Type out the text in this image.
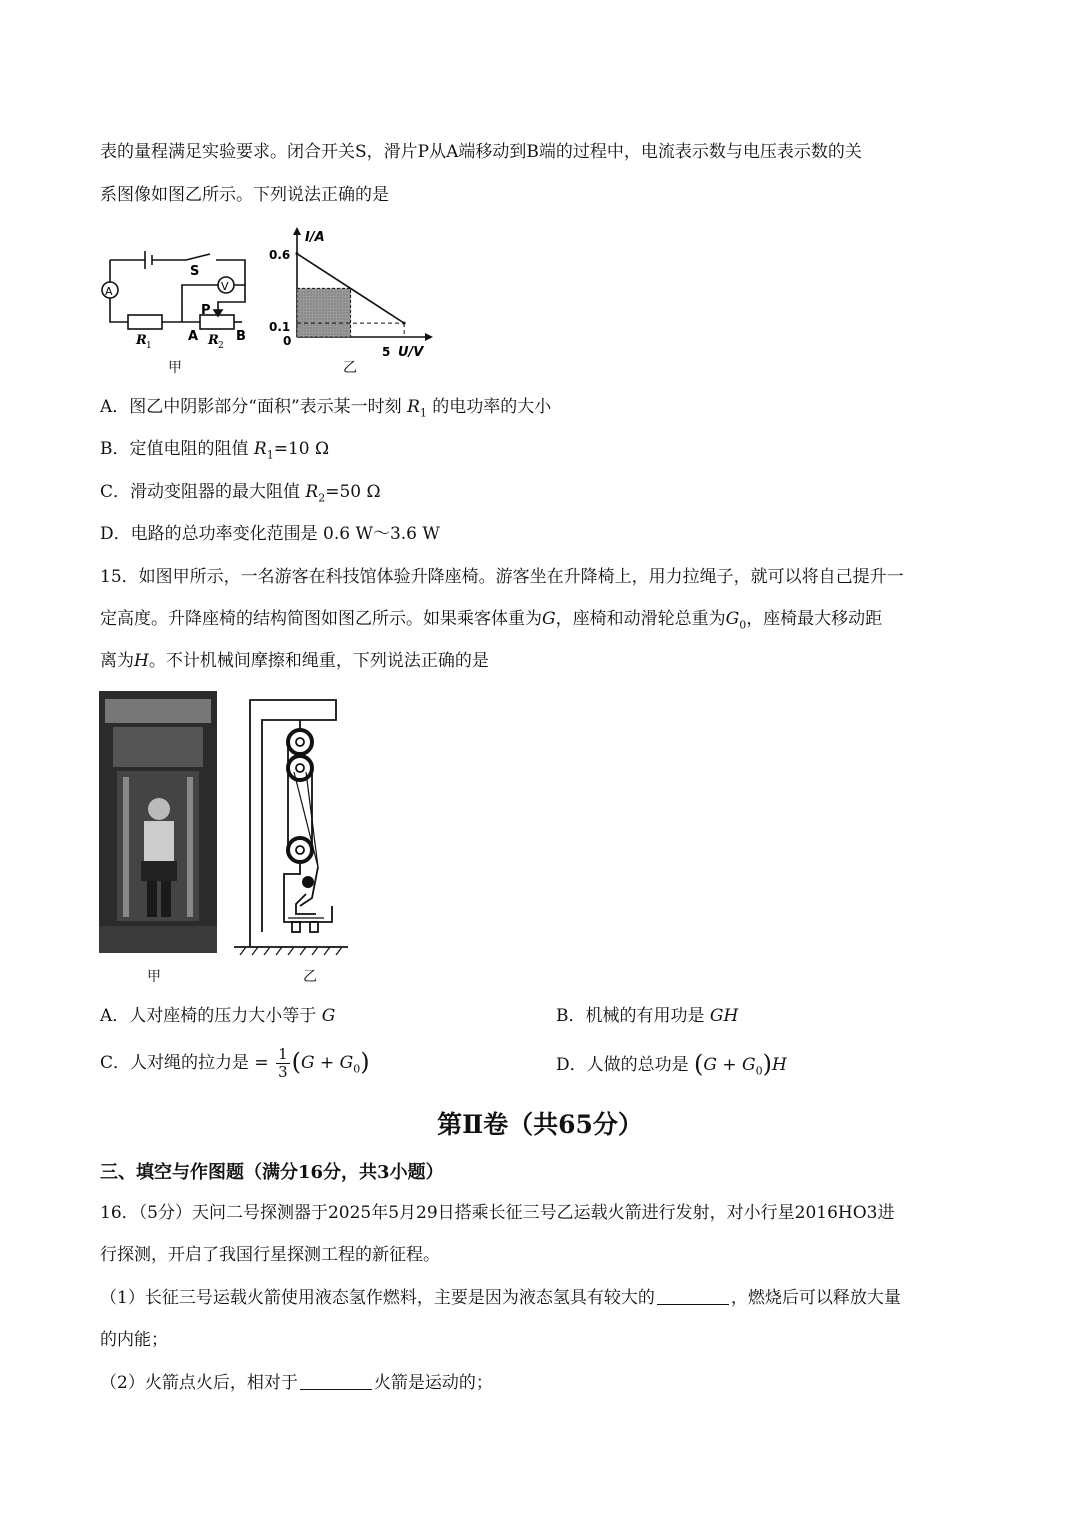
表的量程满足实验要求。闭合开关S，滑片P从A端移动到B端的过程中，电流表示数与电压表示数的关
系图像如图乙所示。下列说法正确的是
A	V
S
P
A	B
R 1	R 2
甲
I/A
U/V
0.6
0.1
0
5
乙
A．图乙中阴影部分“面积”表示某一时刻 $R_1$ 的电功率的大小
B．定值电阻的阻值 $R_1=10$ Ω
C．滑动变阻器的最大阻值 $R_2=50$ Ω
D．电路的总功率变化范围是 0.6 W～3.6 W
15．如图甲所示，一名游客在科技馆体验升降座椅。游客坐在升降椅上，用力拉绳子，就可以将自己提升一
定高度。升降座椅的结构简图如图乙所示。如果乘客体重为G，座椅和动滑轮总重为$G_0$，座椅最大移动距
离为H。不计机械间摩擦和绳重，下列说法正确的是
甲	乙
A．人对座椅的压力大小等于 G	B．机械的有用功是 GH
C．人对绳的拉力是 = $\frac{1}{3} (G + G_0)$	D．人做的总功是 $(G + G_0)H$
第Ⅱ卷（共65分）
三、填空与作图题（满分16分，共3小题）
16．（5分）天问二号探测器于2025年5月29日搭乘长征三号乙运载火箭进行发射，对小行星2016HO3进
行探测，开启了我国行星探测工程的新征程。
（1）长征三号运载火箭使用液态氢作燃料，主要是因为液态氢具有较大的	，燃烧后可以释放大量
的内能；
（2）火箭点火后，相对于	火箭是运动的；
